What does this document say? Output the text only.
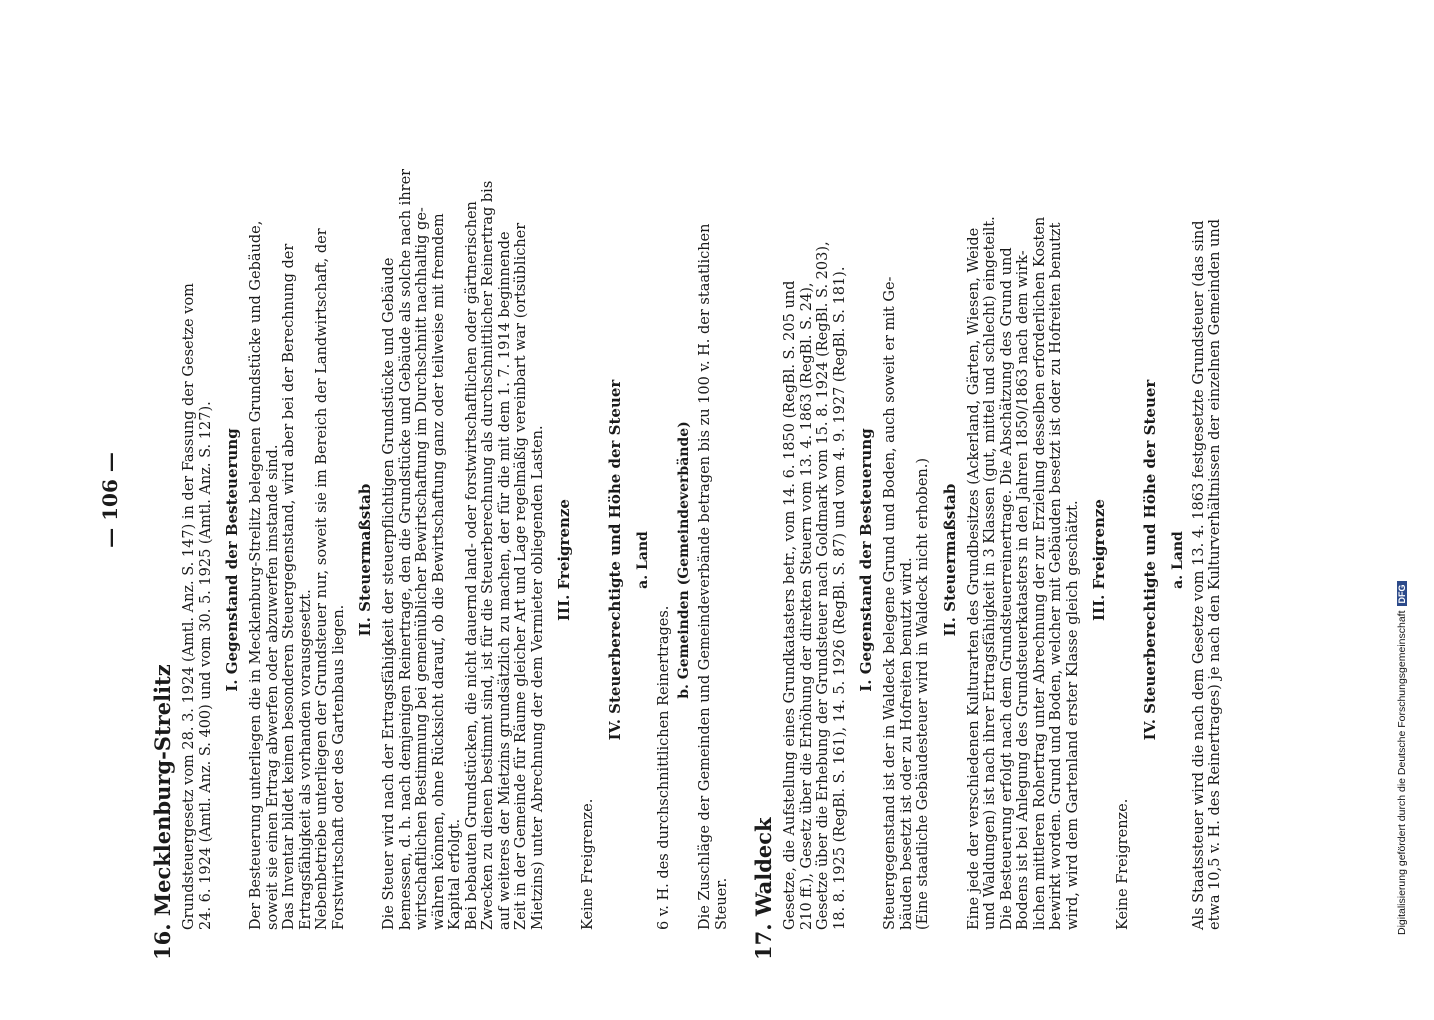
— 106 —
16. Mecklenburg-Strelitz Grundsteuergesetz vom 28. 3. 1924 (Amtl. Anz. S. 147) in der Fassung der Gesetze vom 24. 6. 1924 (Amtl. Anz. S. 400) und vom 30. 5. 1925 (Amtl. Anz. S. 127). I. Gegenstand der Besteuerung Der Besteuerung unterliegen die in Mecklenburg-Strelitz belegenen Grundstücke und Gebäude, soweit sie einen Ertrag abwerfen oder abzuwerfen imstande sind. Das Inventar bildet keinen besonderen Steuergegenstand, wird aber bei der Berechnung der Ertragsfähigkeit als vorhanden vorausgesetzt. Nebenbetriebe unterliegen der Grundsteuer nur, soweit sie im Bereich der Landwirtschaft, der Forstwirtschaft oder des Gartenbaus liegen.
II. Steuermaßstab Die Steuer wird nach der Ertragsfähigkeit der steuerpflichtigen Grundstücke und Gebäude bemessen, d. h. nach demjenigen Reinertrage, den die Grundstücke und Gebäude als solche nach ihrer wirtschaftlichen Bestimmung bei gemeinüblicher Bewirtschaftung im Durchschnitt nachhaltig ge- währen können, ohne Rücksicht darauf, ob die Bewirtschaftung ganz oder teilweise mit fremdem Kapital erfolgt. Bei bebauten Grundstücken, die nicht dauernd land- oder forstwirtschaftlichen oder gärtnerischen Zwecken zu dienen bestimmt sind, ist für die Steuerberechnung als durchschnittlicher Reinertrag bis auf weiteres der Mietzins grundsätzlich zu machen, der für die mit dem 1. 7. 1914 beginnende Zeit in der Gemeinde für Räume gleicher Art und Lage regelmäßig vereinbart war (ortsüblicher Mietzins) unter Abrechnung der dem Vermieter obliegenden Lasten. III. Freigrenze
Keine Freigrenze.
IV. Steuerberechtigte und Höhe der Steuer a. Land
6 v. H. des durchschnittlichen Reinertrages.
b. Gemeinden (Gemeindeverbände) Die Zuschläge der Gemeinden und Gemeindeverbände betragen bis zu 100 v. H. der staatlichen Steuer. 17. Waldeck Gesetze, die Aufstellung eines Grundkatasters betr., vom 14. 6. 1850 (RegBl. S. 205 und 210 ff.), Gesetz über die Erhöhung der direkten Steuern vom 13. 4. 1863 (RegBl. S. 24), Gesetze über die Erhebung der Grundsteuer nach Goldmark vom 15. 8. 1924 (RegBl. S. 203), 18. 8. 1925 (RegBl. S. 161), 14. 5. 1926 (RegBl. S. 87) und vom 4. 9. 1927 (RegBl. S. 181). I. Gegenstand der Besteuerung Steuergegenstand ist der in Waldeck belegene Grund und Boden, auch soweit er mit Ge- bäuden besetzt ist oder zu Hofreiten benutzt wird. (Eine staatliche Gebäudesteuer wird in Waldeck nicht erhoben.) II. Steuermaßstab Eine jede der verschiedenen Kulturarten des Grundbesitzes (Ackerland, Gärten, Wiesen, Weide und Waldungen) ist nach ihrer Ertragsfähigkeit in 3 Klassen (gut, mittel und schlecht) eingeteilt. Die Besteuerung erfolgt nach dem Grundsteuerreinertrage. Die Abschätzung des Grund und Bodens ist bei Anlegung des Grundsteuerkatasters in den Jahren 1850/1863 nach dem wirk- lichen mittleren Rohertrag unter Abrechnung der zur Erzielung desselben erforderlichen Kosten bewirkt worden. Grund und Boden, welcher mit Gebäuden besetzt ist oder zu Hofreiten benutzt wird, wird dem Gartenland erster Klasse gleich geschätzt. III. Freigrenze
Keine Freigrenze.
IV. Steuerberechtigte und Höhe der Steuer a. Land Als Staatssteuer wird die nach dem Gesetze vom 13. 4. 1863 festgesetzte Grundsteuer (das sind etwa 10,5 v. H. des Reinertrages) je nach den Kulturverhältnissen der einzelnen Gemeinden und	Digitalisierung gefördert durch die Deutsche ForschungsgemeinschaftDFG
